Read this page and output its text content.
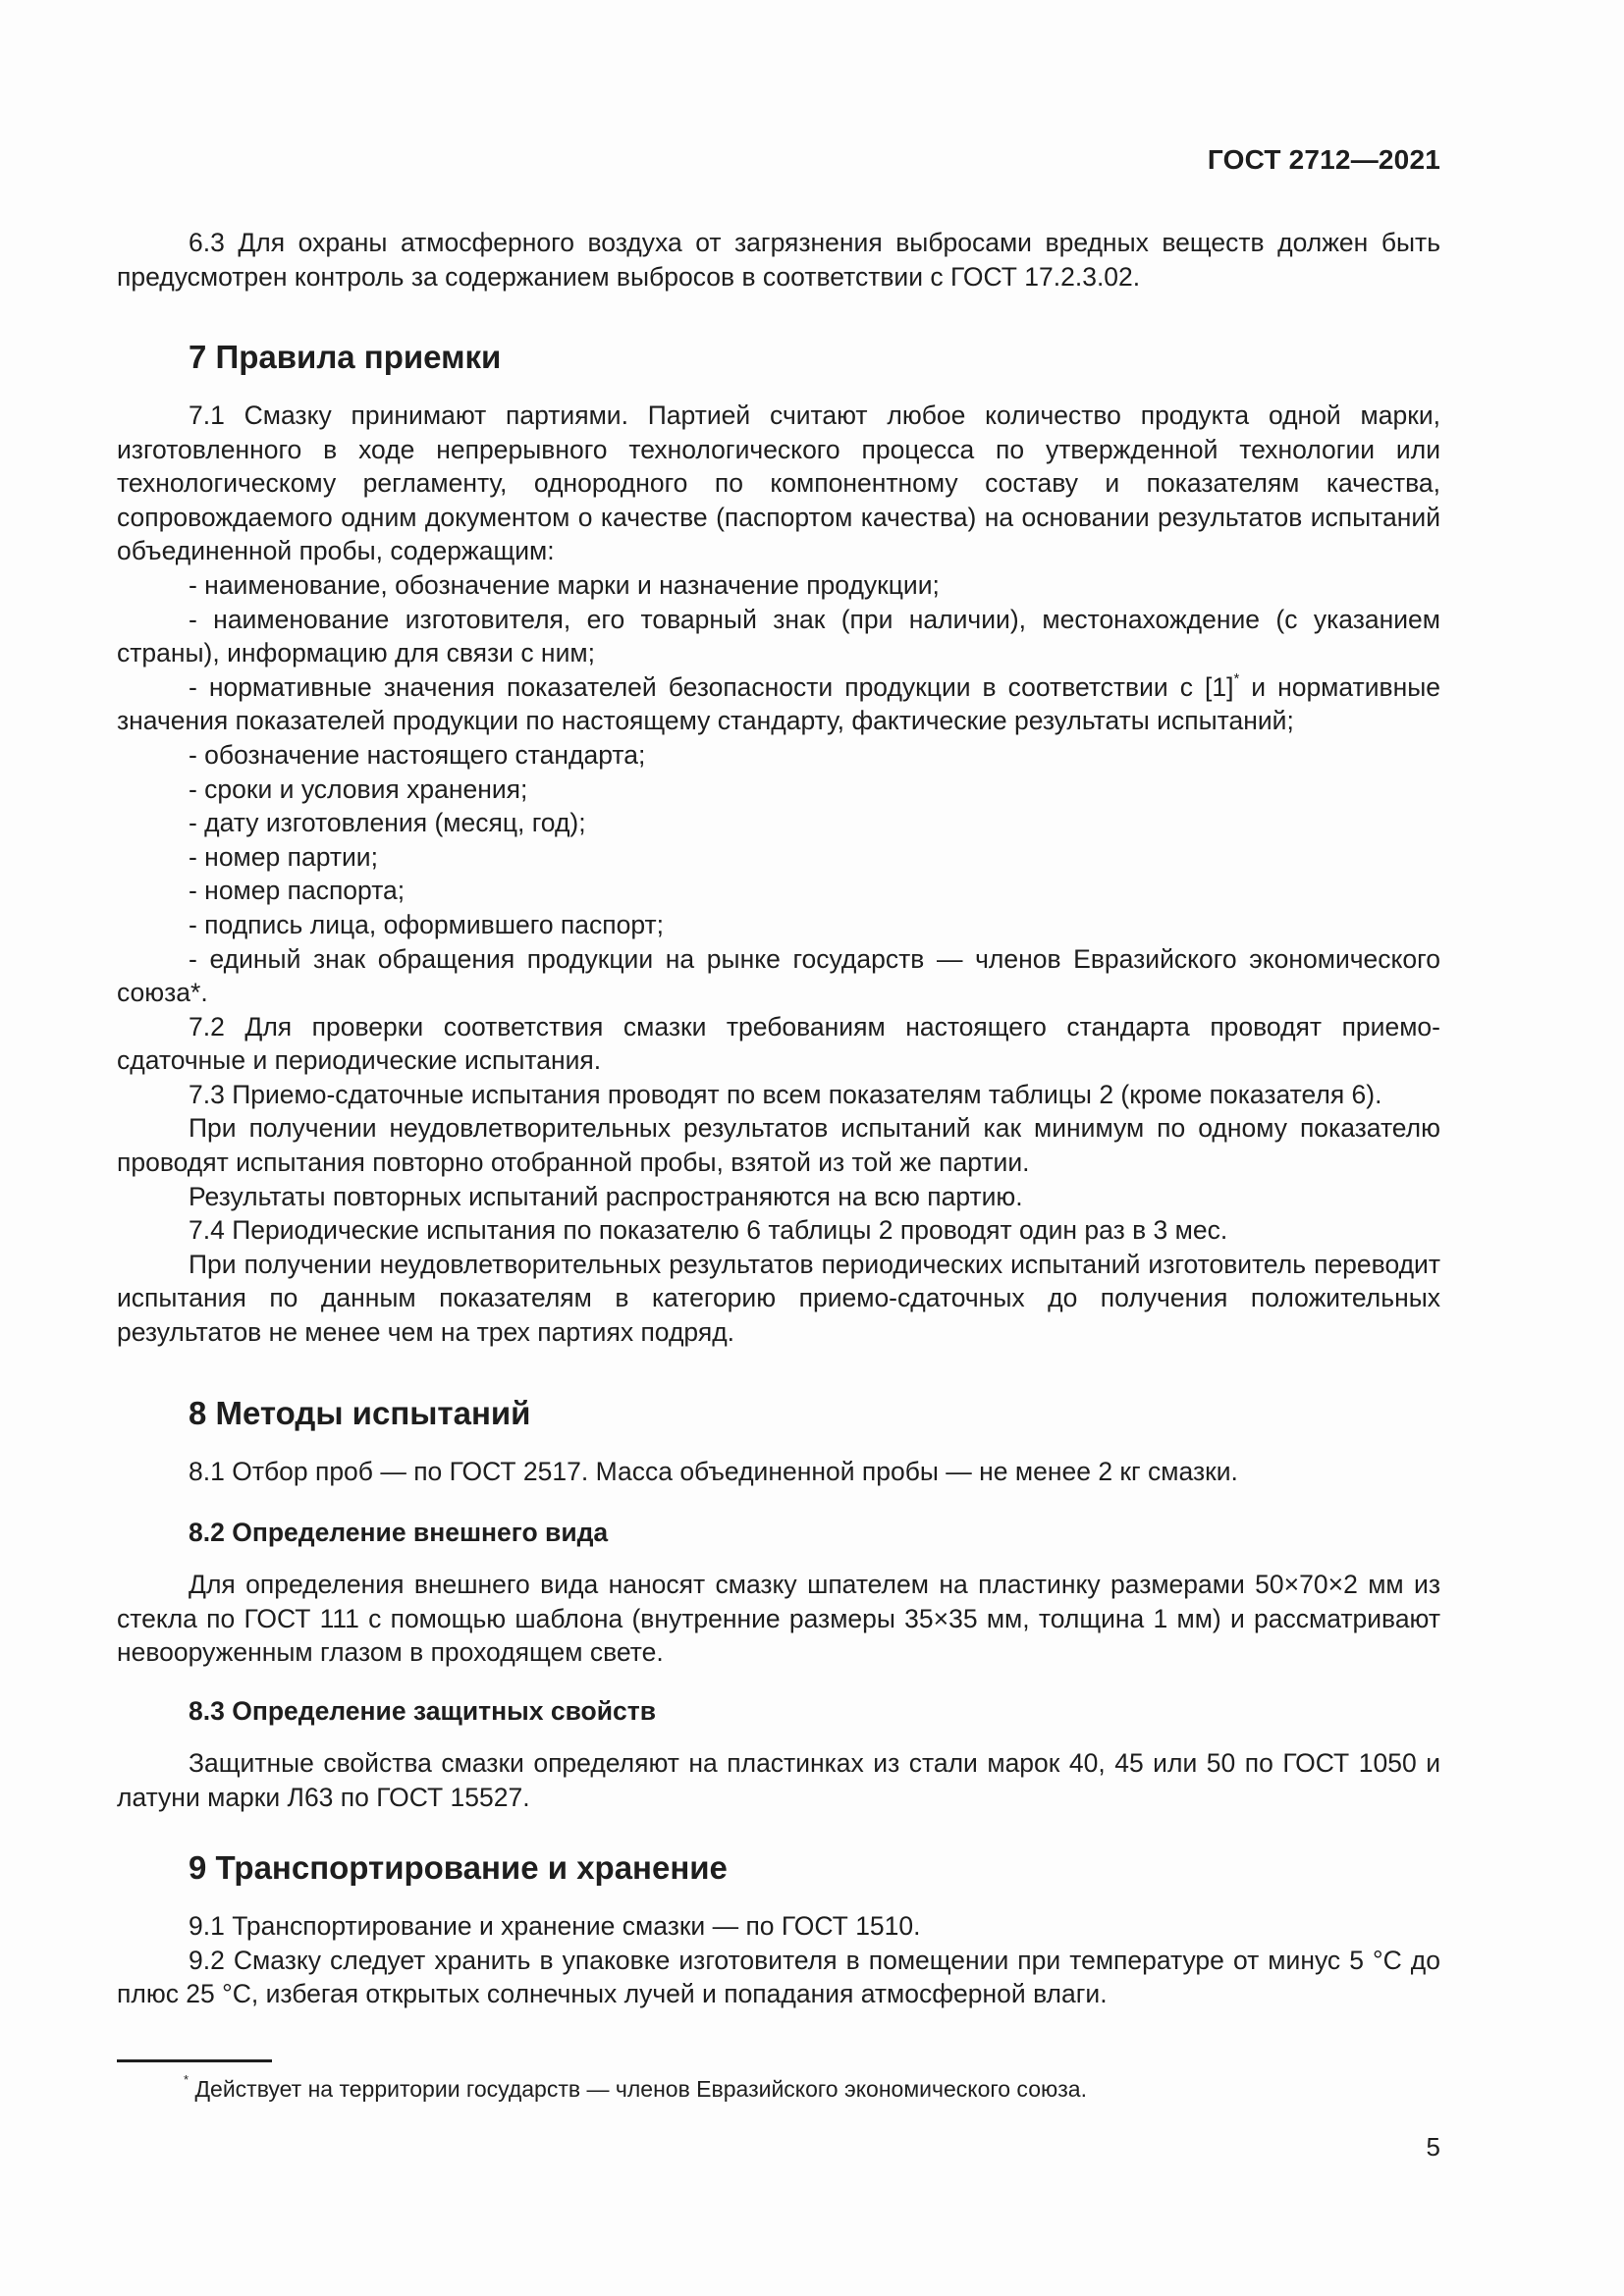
ГОСТ 2712—2021

6.3 Для охраны атмосферного воздуха от загрязнения выбросами вредных веществ должен быть предусмотрен контроль за содержанием выбросов в соответствии с ГОСТ 17.2.3.02.

7 Правила приемки

7.1 Смазку принимают партиями. Партией считают любое количество продукта одной марки, изготовленного в ходе непрерывного технологического процесса по утвержденной технологии или технологическому регламенту, однородного по компонентному составу и показателям качества, сопровождаемого одним документом о качестве (паспортом качества) на основании результатов испытаний объединенной пробы, содержащим:

- наименование, обозначение марки и назначение продукции;

- наименование изготовителя, его товарный знак (при наличии), местонахождение (с указанием страны), информацию для связи с ним;

- нормативные значения показателей безопасности продукции в соответствии с [1]* и нормативные значения показателей продукции по настоящему стандарту, фактические результаты испытаний;

- обозначение настоящего стандарта;

- сроки и условия хранения;

- дату изготовления (месяц, год);

- номер партии;

- номер паспорта;

- подпись лица, оформившего паспорт;

- единый знак обращения продукции на рынке государств — членов Евразийского экономического союза*.

7.2 Для проверки соответствия смазки требованиям настоящего стандарта проводят приемо-сдаточные и периодические испытания.

7.3 Приемо-сдаточные испытания проводят по всем показателям таблицы 2 (кроме показателя 6).

При получении неудовлетворительных результатов испытаний как минимум по одному показателю проводят испытания повторно отобранной пробы, взятой из той же партии.

Результаты повторных испытаний распространяются на всю партию.

7.4 Периодические испытания по показателю 6 таблицы 2 проводят один раз в 3 мес.

При получении неудовлетворительных результатов периодических испытаний изготовитель переводит испытания по данным показателям в категорию приемо-сдаточных до получения положительных результатов не менее чем на трех партиях подряд.

8 Методы испытаний

8.1 Отбор проб — по ГОСТ 2517. Масса объединенной пробы — не менее 2 кг смазки.

8.2 Определение внешнего вида

Для определения внешнего вида наносят смазку шпателем на пластинку размерами 50×70×2 мм из стекла по ГОСТ 111 с помощью шаблона (внутренние размеры 35×35 мм, толщина 1 мм) и рассматривают невооруженным глазом в проходящем свете.

8.3 Определение защитных свойств

Защитные свойства смазки определяют на пластинках из стали марок 40, 45 или 50 по ГОСТ 1050 и латуни марки Л63 по ГОСТ 15527.

9 Транспортирование и хранение

9.1 Транспортирование и хранение смазки — по ГОСТ 1510.

9.2 Смазку следует хранить в упаковке изготовителя в помещении при температуре от минус 5 °С до плюс 25 °С, избегая открытых солнечных лучей и попадания атмосферной влаги.

* Действует на территории государств — членов Евразийского экономического союза.
5
